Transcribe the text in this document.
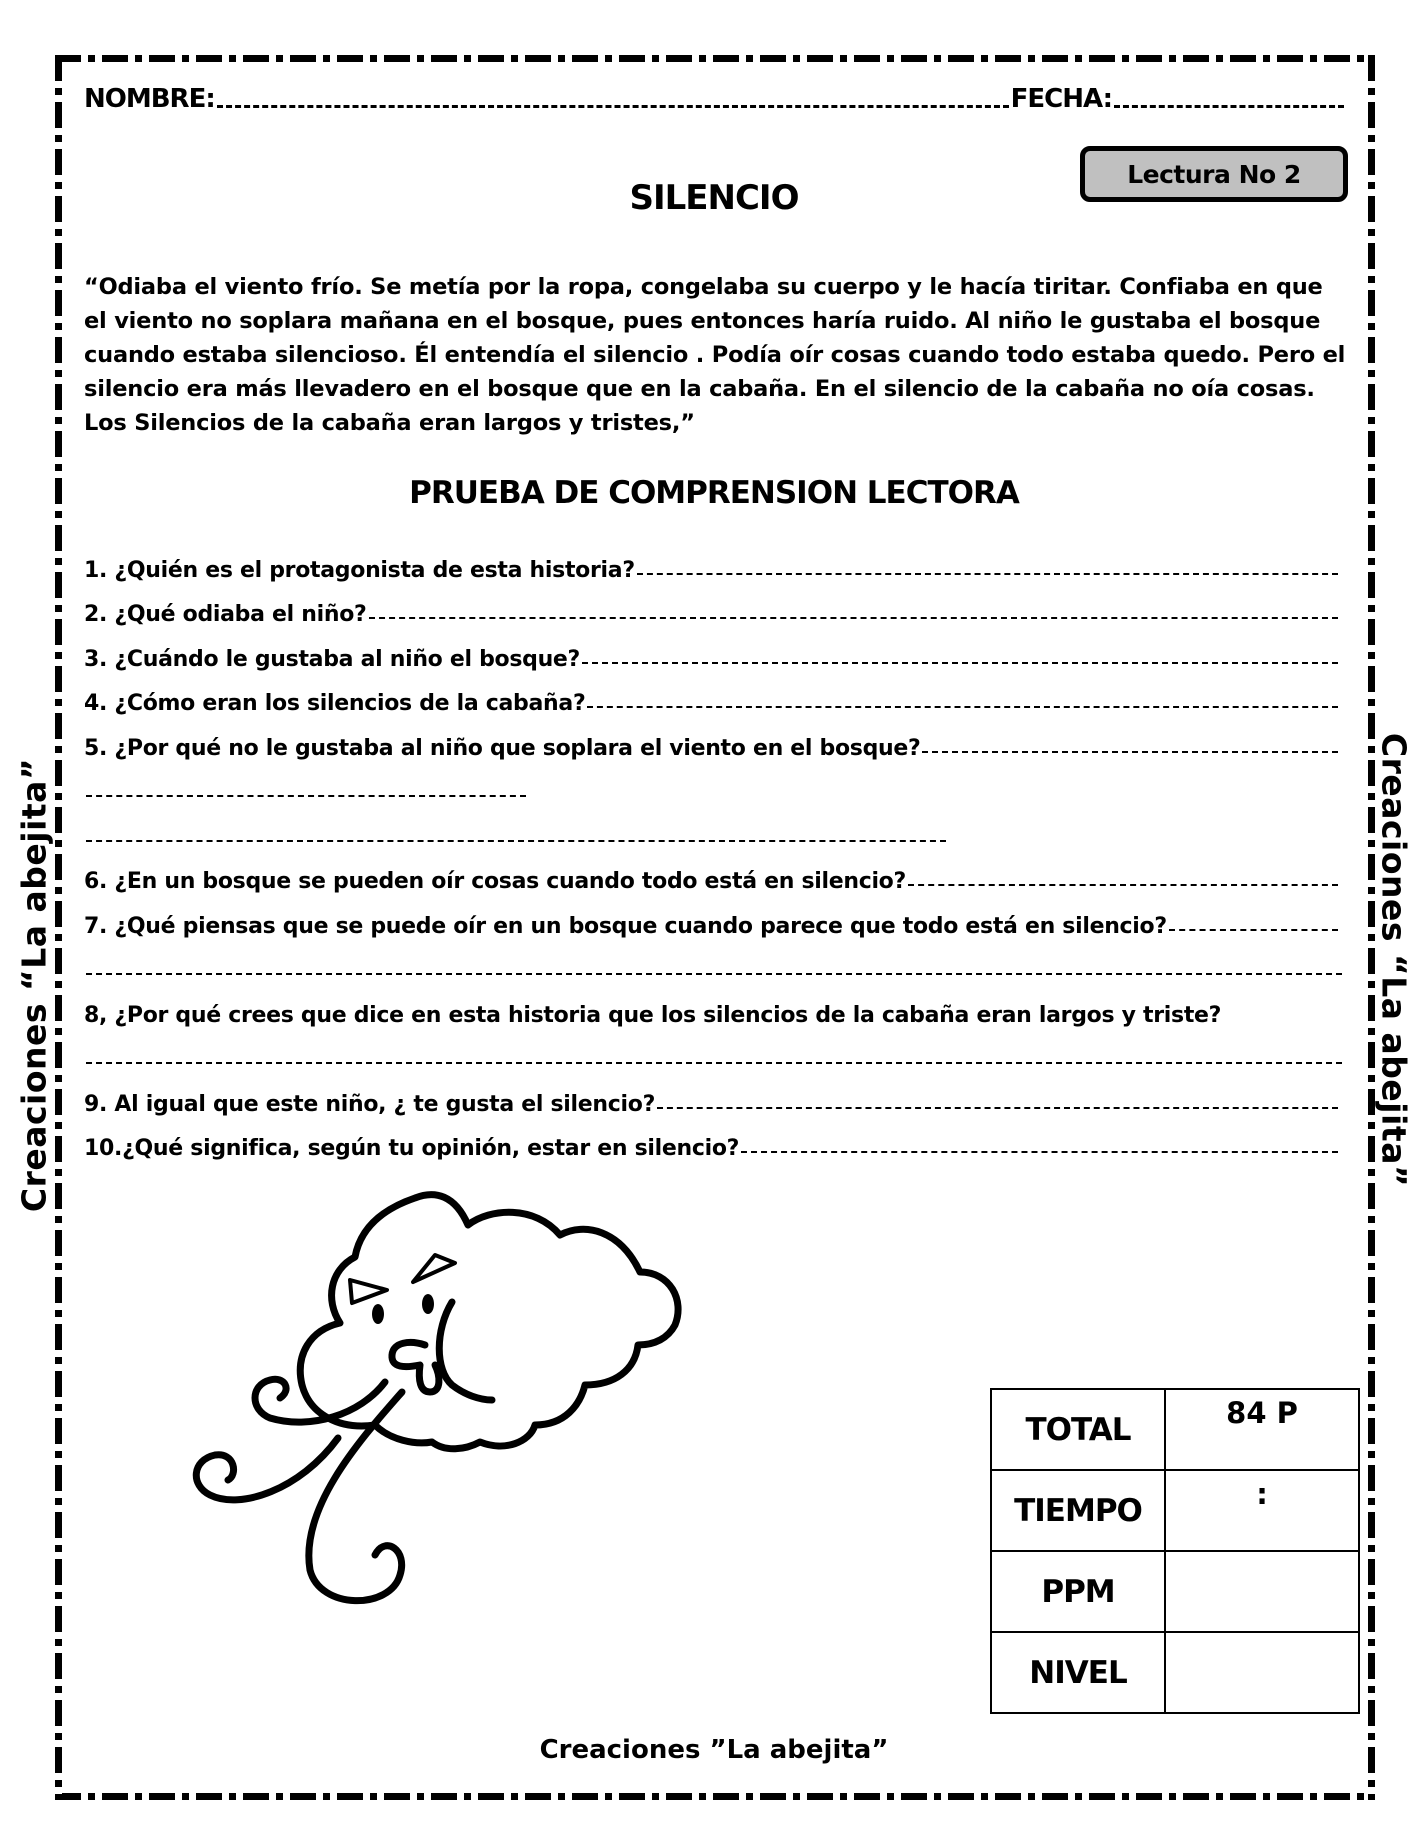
Creaciones “La abejita”	Creaciones “La abejita”
NOMBRE:	FECHA:
Lectura No 2
SILENCIO
“Odiaba el viento frío. Se metía por la ropa, congelaba su cuerpo y le hacía tiritar. Confiaba en que el viento no soplara mañana en el bosque, pues entonces haría ruido. Al niño le gustaba el bosque cuando estaba silencioso. Él entendía el silencio . Podía oír cosas cuando todo estaba quedo. Pero el silencio era más llevadero en el bosque que en la cabaña. En el silencio de la cabaña no oía cosas. Los Silencios de la cabaña eran largos y tristes,”
PRUEBA DE COMPRENSION LECTORA
1. ¿Quién es el protagonista de esta historia?
2. ¿Qué odiaba el niño?
3. ¿Cuándo le gustaba al niño el bosque?
4. ¿Cómo eran los silencios de la cabaña?
5. ¿Por qué no le gustaba al niño que soplara el viento en el bosque?
6. ¿En un bosque se pueden oír cosas cuando todo está en silencio?
7. ¿Qué piensas que se puede oír en un bosque cuando parece que todo está en silencio?
8, ¿Por qué crees que dice en esta historia que los silencios de la cabaña eran largos y triste?
9. Al igual que este niño, ¿ te gusta el silencio?
10.¿Qué significa, según tu opinión, estar en silencio?
TOTAL	84 P
TIEMPO	:
PPM	
NIVEL	
Creaciones ”La abejita”
